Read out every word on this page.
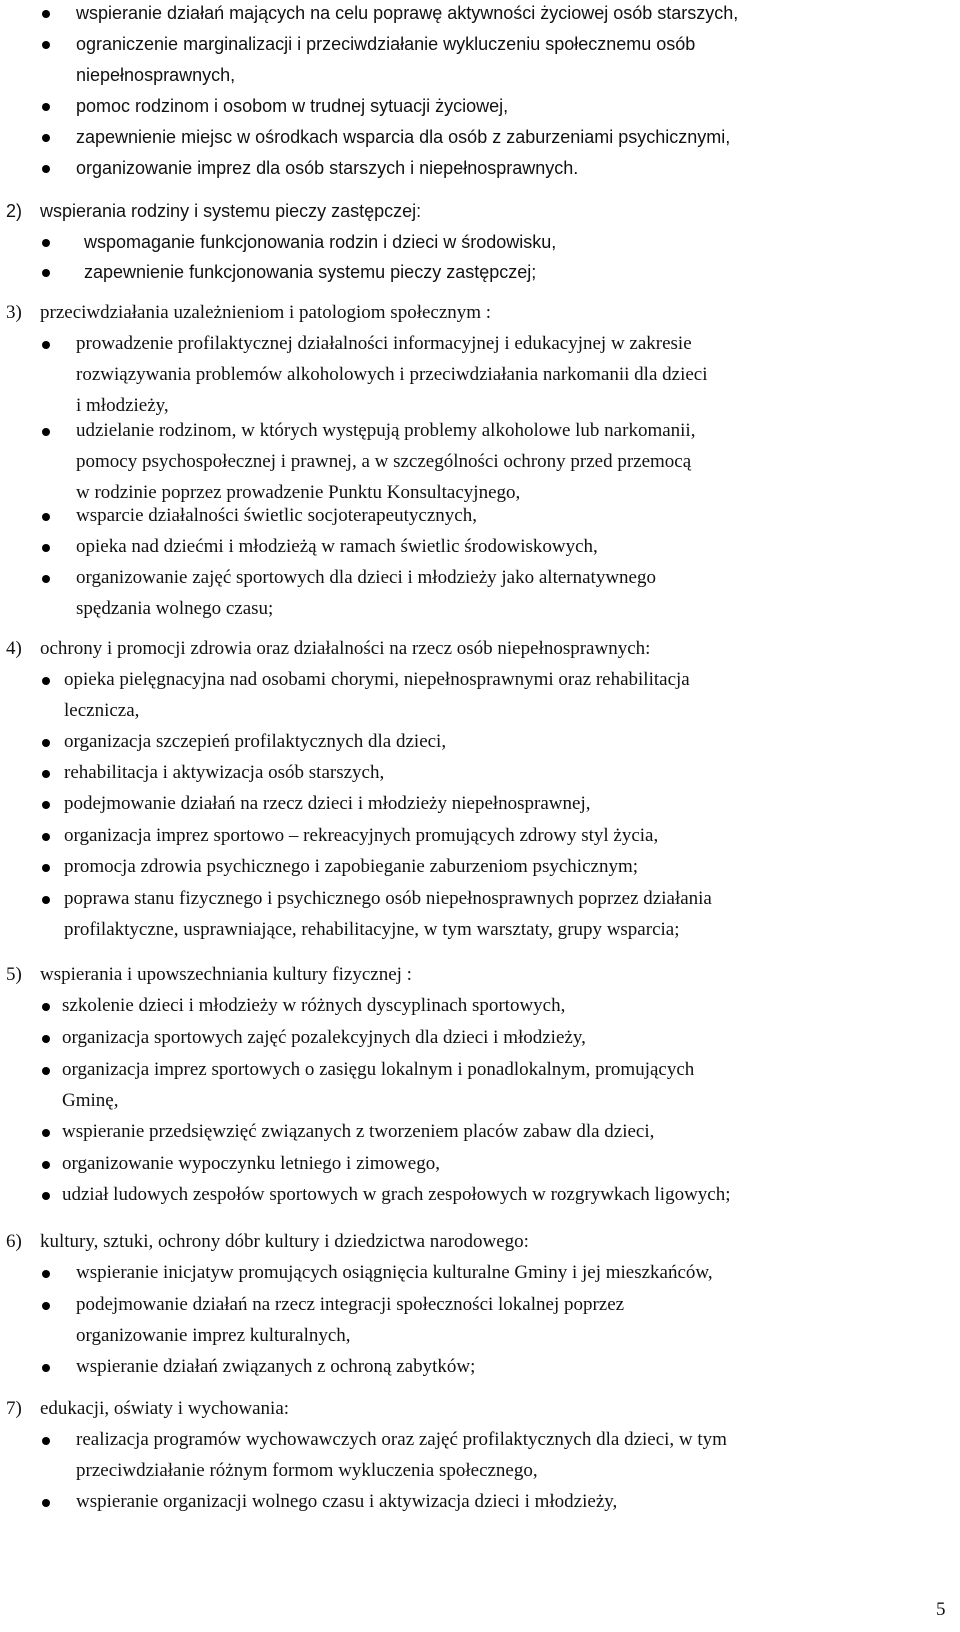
wspieranie działań mających na celu poprawę aktywności życiowej osób starszych,
ograniczenie marginalizacji i przeciwdziałanie wykluczeniu społecznemu osób
niepełnosprawnych,
pomoc rodzinom i osobom w trudnej sytuacji życiowej,
zapewnienie miejsc w ośrodkach wsparcia dla osób z zaburzeniami psychicznymi,
organizowanie imprez dla osób starszych i niepełnosprawnych.
2) wspierania rodziny i systemu pieczy zastępczej:
wspomaganie funkcjonowania rodzin i dzieci w środowisku,
zapewnienie funkcjonowania systemu pieczy zastępczej;
3) przeciwdziałania uzależnieniom i patologiom społecznym :
prowadzenie profilaktycznej działalności informacyjnej i edukacyjnej w zakresie
rozwiązywania problemów alkoholowych i przeciwdziałania narkomanii dla dzieci
i młodzieży,
udzielanie rodzinom, w których występują problemy alkoholowe lub narkomanii,
pomocy psychospołecznej i prawnej, a w szczególności ochrony przed przemocą
w rodzinie poprzez prowadzenie Punktu Konsultacyjnego,
wsparcie działalności świetlic socjoterapeutycznych,
opieka nad dziećmi i młodzieżą w ramach świetlic środowiskowych,
organizowanie zajęć sportowych dla dzieci i młodzieży jako alternatywnego
spędzania wolnego czasu;
4) ochrony i promocji zdrowia oraz działalności na rzecz osób niepełnosprawnych:
opieka pielęgnacyjna nad osobami chorymi, niepełnosprawnymi oraz rehabilitacja
lecznicza,
organizacja szczepień profilaktycznych dla dzieci,
rehabilitacja i aktywizacja osób starszych,
podejmowanie działań na rzecz dzieci i młodzieży niepełnosprawnej,
organizacja imprez sportowo – rekreacyjnych promujących zdrowy styl życia,
promocja zdrowia psychicznego i zapobieganie zaburzeniom psychicznym;
poprawa stanu fizycznego i psychicznego osób niepełnosprawnych poprzez działania
profilaktyczne, usprawniające, rehabilitacyjne, w tym warsztaty, grupy wsparcia;
5) wspierania i upowszechniania kultury fizycznej :
szkolenie dzieci i młodzieży w różnych dyscyplinach sportowych,
organizacja sportowych zajęć pozalekcyjnych dla dzieci i młodzieży,
organizacja imprez sportowych o zasięgu lokalnym i ponadlokalnym, promujących
Gminę,
wspieranie przedsięwzięć związanych z tworzeniem placów zabaw dla dzieci,
organizowanie wypoczynku letniego i zimowego,
udział ludowych zespołów sportowych w grach zespołowych w rozgrywkach ligowych;
6) kultury, sztuki, ochrony dóbr kultury i dziedzictwa narodowego:
wspieranie inicjatyw promujących osiągnięcia kulturalne Gminy i jej mieszkańców,
podejmowanie działań na rzecz integracji społeczności lokalnej poprzez
organizowanie imprez kulturalnych,
wspieranie działań związanych z ochroną zabytków;
7) edukacji, oświaty i wychowania:
realizacja programów wychowawczych oraz zajęć profilaktycznych dla dzieci, w tym
przeciwdziałanie różnym formom wykluczenia społecznego,
wspieranie organizacji wolnego czasu i aktywizacja dzieci i młodzieży,
5
